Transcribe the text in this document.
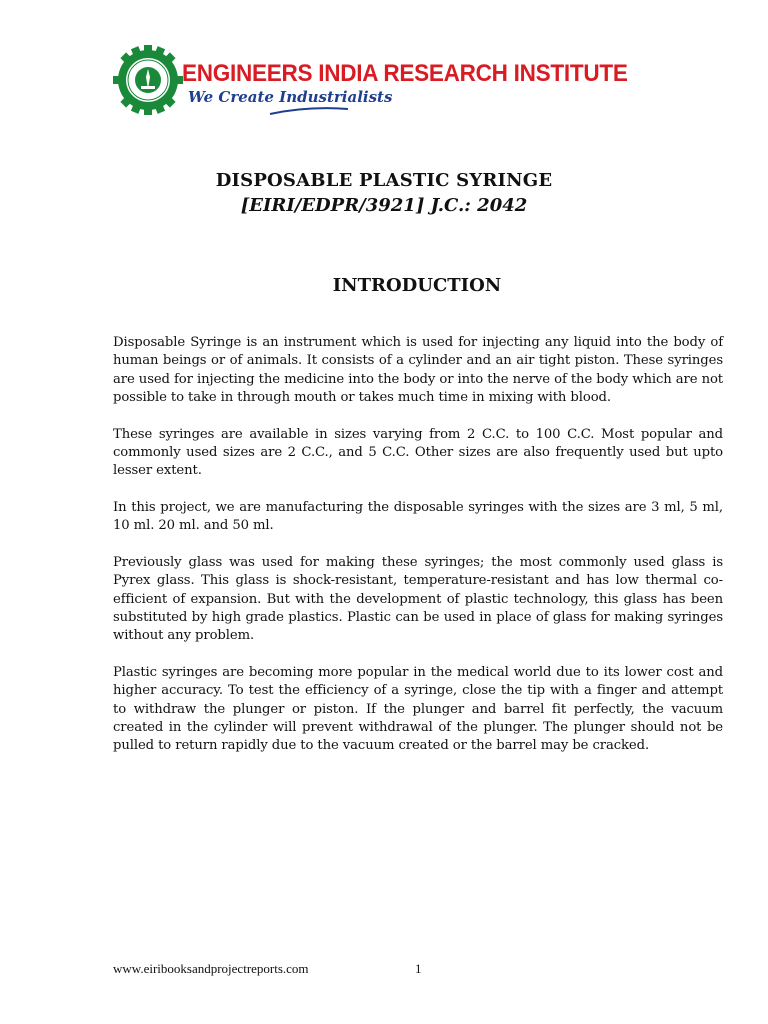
ENGINEERS INDIA RESEARCH INSTITUTE
We Create Industrialists
DISPOSABLE PLASTIC SYRINGE
[EIRI/EDPR/3921] J.C.: 2042
INTRODUCTION

Disposable Syringe is an instrument which is used for injecting any liquid into the body of human beings or of animals. It consists of a cylinder and an air tight piston. These syringes are used for injecting the medicine into the body or into the nerve of the body which are not possible to take in through mouth or takes much time in mixing with blood.

These syringes are available in sizes varying from 2 C.C. to 100 C.C. Most popular and commonly used sizes are 2 C.C., and 5 C.C. Other sizes are also frequently used but upto lesser extent.

In this project, we are manufacturing the disposable syringes with the sizes are 3 ml, 5 ml, 10 ml. 20 ml. and 50 ml.

Previously glass was used for making these syringes; the most commonly used glass is Pyrex glass. This glass is shock-resistant, temperature-resistant and has low thermal co-efficient of expansion. But with the development of plastic technology, this glass has been substituted by high grade plastics. Plastic can be used in place of glass for making syringes without any problem.

Plastic syringes are becoming more popular in the medical world due to its lower cost and higher accuracy. To test the efficiency of a syringe, close the tip with a finger and attempt to withdraw the plunger or piston. If the plunger and barrel fit perfectly, the vacuum created in the cylinder will prevent withdrawal of the plunger. The plunger should not be pulled to return rapidly due to the vacuum created or the barrel may be cracked.

www.eiribooksandprojectreports.com	1
